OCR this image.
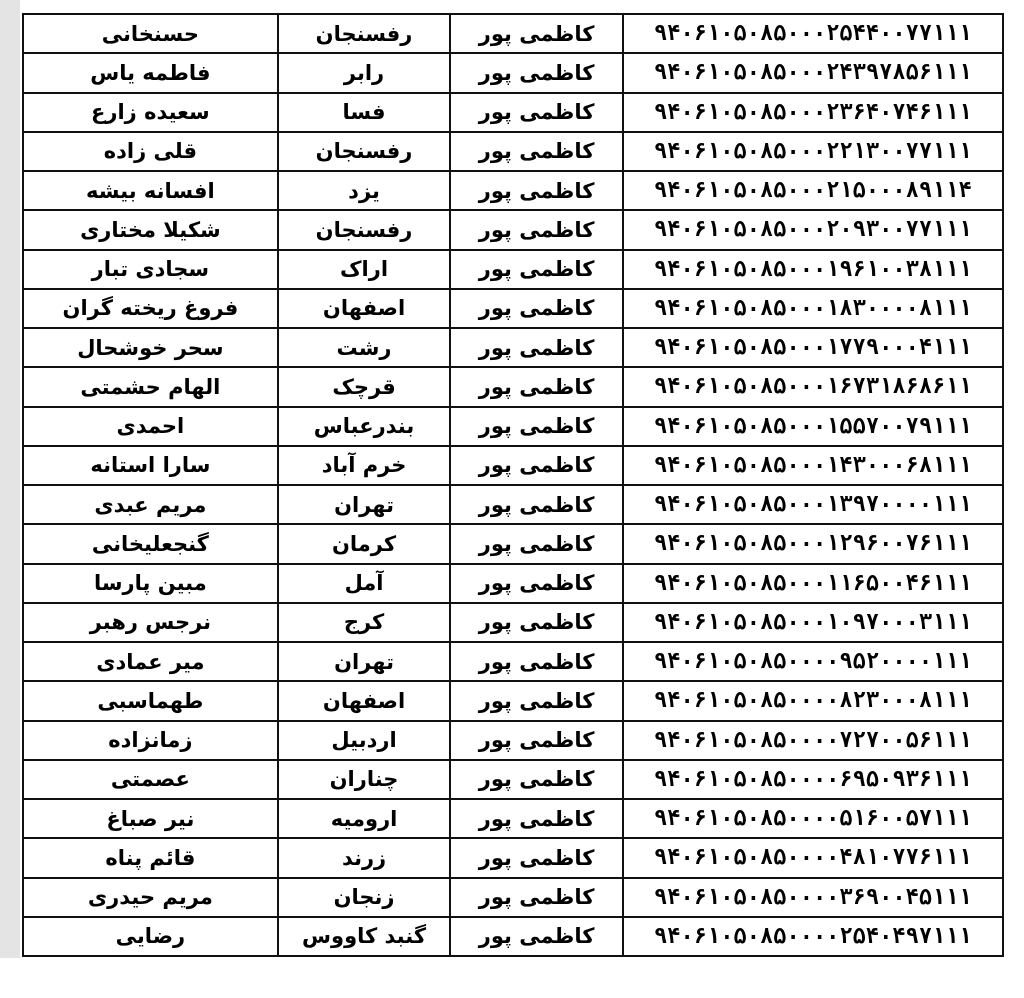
حسنخانی	رفسنجان	کاظمی پور	۹۴۰۶۱۰۵۰۸۵۰۰۰۲۵۴۴۰۰۷۷۱۱۱
فاطمه یاس	رابر	کاظمی پور	۹۴۰۶۱۰۵۰۸۵۰۰۰۲۴۳۹۷۸۵۶۱۱۱
سعیده زارع	فسا	کاظمی پور	۹۴۰۶۱۰۵۰۸۵۰۰۰۲۳۶۴۰۷۴۶۱۱۱
قلی زاده	رفسنجان	کاظمی پور	۹۴۰۶۱۰۵۰۸۵۰۰۰۲۲۱۳۰۰۷۷۱۱۱
افسانه بیشه	یزد	کاظمی پور	۹۴۰۶۱۰۵۰۸۵۰۰۰۲۱۵۰۰۰۸۹۱۱۴
شکیلا مختاری	رفسنجان	کاظمی پور	۹۴۰۶۱۰۵۰۸۵۰۰۰۲۰۹۳۰۰۷۷۱۱۱
سجادی تبار	اراک	کاظمی پور	۹۴۰۶۱۰۵۰۸۵۰۰۰۱۹۶۱۰۰۳۸۱۱۱
فروغ ریخته گران	اصفهان	کاظمی پور	۹۴۰۶۱۰۵۰۸۵۰۰۰۱۸۳۰۰۰۰۸۱۱۱
سحر خوشحال	رشت	کاظمی پور	۹۴۰۶۱۰۵۰۸۵۰۰۰۱۷۷۹۰۰۰۴۱۱۱
الهام حشمتی	قرچک	کاظمی پور	۹۴۰۶۱۰۵۰۸۵۰۰۰۱۶۷۳۱۸۶۸۶۱۱
احمدی	بندرعباس	کاظمی پور	۹۴۰۶۱۰۵۰۸۵۰۰۰۱۵۵۷۰۰۷۹۱۱۱
سارا استانه	خرم آباد	کاظمی پور	۹۴۰۶۱۰۵۰۸۵۰۰۰۱۴۳۰۰۰۶۸۱۱۱
مریم عبدی	تهران	کاظمی پور	۹۴۰۶۱۰۵۰۸۵۰۰۰۱۳۹۷۰۰۰۰۱۱۱
گنجعلیخانی	کرمان	کاظمی پور	۹۴۰۶۱۰۵۰۸۵۰۰۰۱۲۹۶۰۰۷۶۱۱۱
مبین پارسا	آمل	کاظمی پور	۹۴۰۶۱۰۵۰۸۵۰۰۰۱۱۶۵۰۰۴۶۱۱۱
نرجس رهبر	کرج	کاظمی پور	۹۴۰۶۱۰۵۰۸۵۰۰۰۱۰۹۷۰۰۰۳۱۱۱
میر عمادی	تهران	کاظمی پور	۹۴۰۶۱۰۵۰۸۵۰۰۰۰۹۵۲۰۰۰۰۱۱۱
طهماسبی	اصفهان	کاظمی پور	۹۴۰۶۱۰۵۰۸۵۰۰۰۰۸۲۳۰۰۰۸۱۱۱
زمانزاده	اردبیل	کاظمی پور	۹۴۰۶۱۰۵۰۸۵۰۰۰۰۷۲۷۰۰۵۶۱۱۱
عصمتی	چناران	کاظمی پور	۹۴۰۶۱۰۵۰۸۵۰۰۰۰۶۹۵۰۹۳۶۱۱۱
نیر صباغ	ارومیه	کاظمی پور	۹۴۰۶۱۰۵۰۸۵۰۰۰۰۵۱۶۰۰۵۷۱۱۱
قائم پناه	زرند	کاظمی پور	۹۴۰۶۱۰۵۰۸۵۰۰۰۰۴۸۱۰۷۷۶۱۱۱
مریم حیدری	زنجان	کاظمی پور	۹۴۰۶۱۰۵۰۸۵۰۰۰۰۳۶۹۰۰۴۵۱۱۱
رضایی	گنبد کاووس	کاظمی پور	۹۴۰۶۱۰۵۰۸۵۰۰۰۰۲۵۴۰۴۹۷۱۱۱
